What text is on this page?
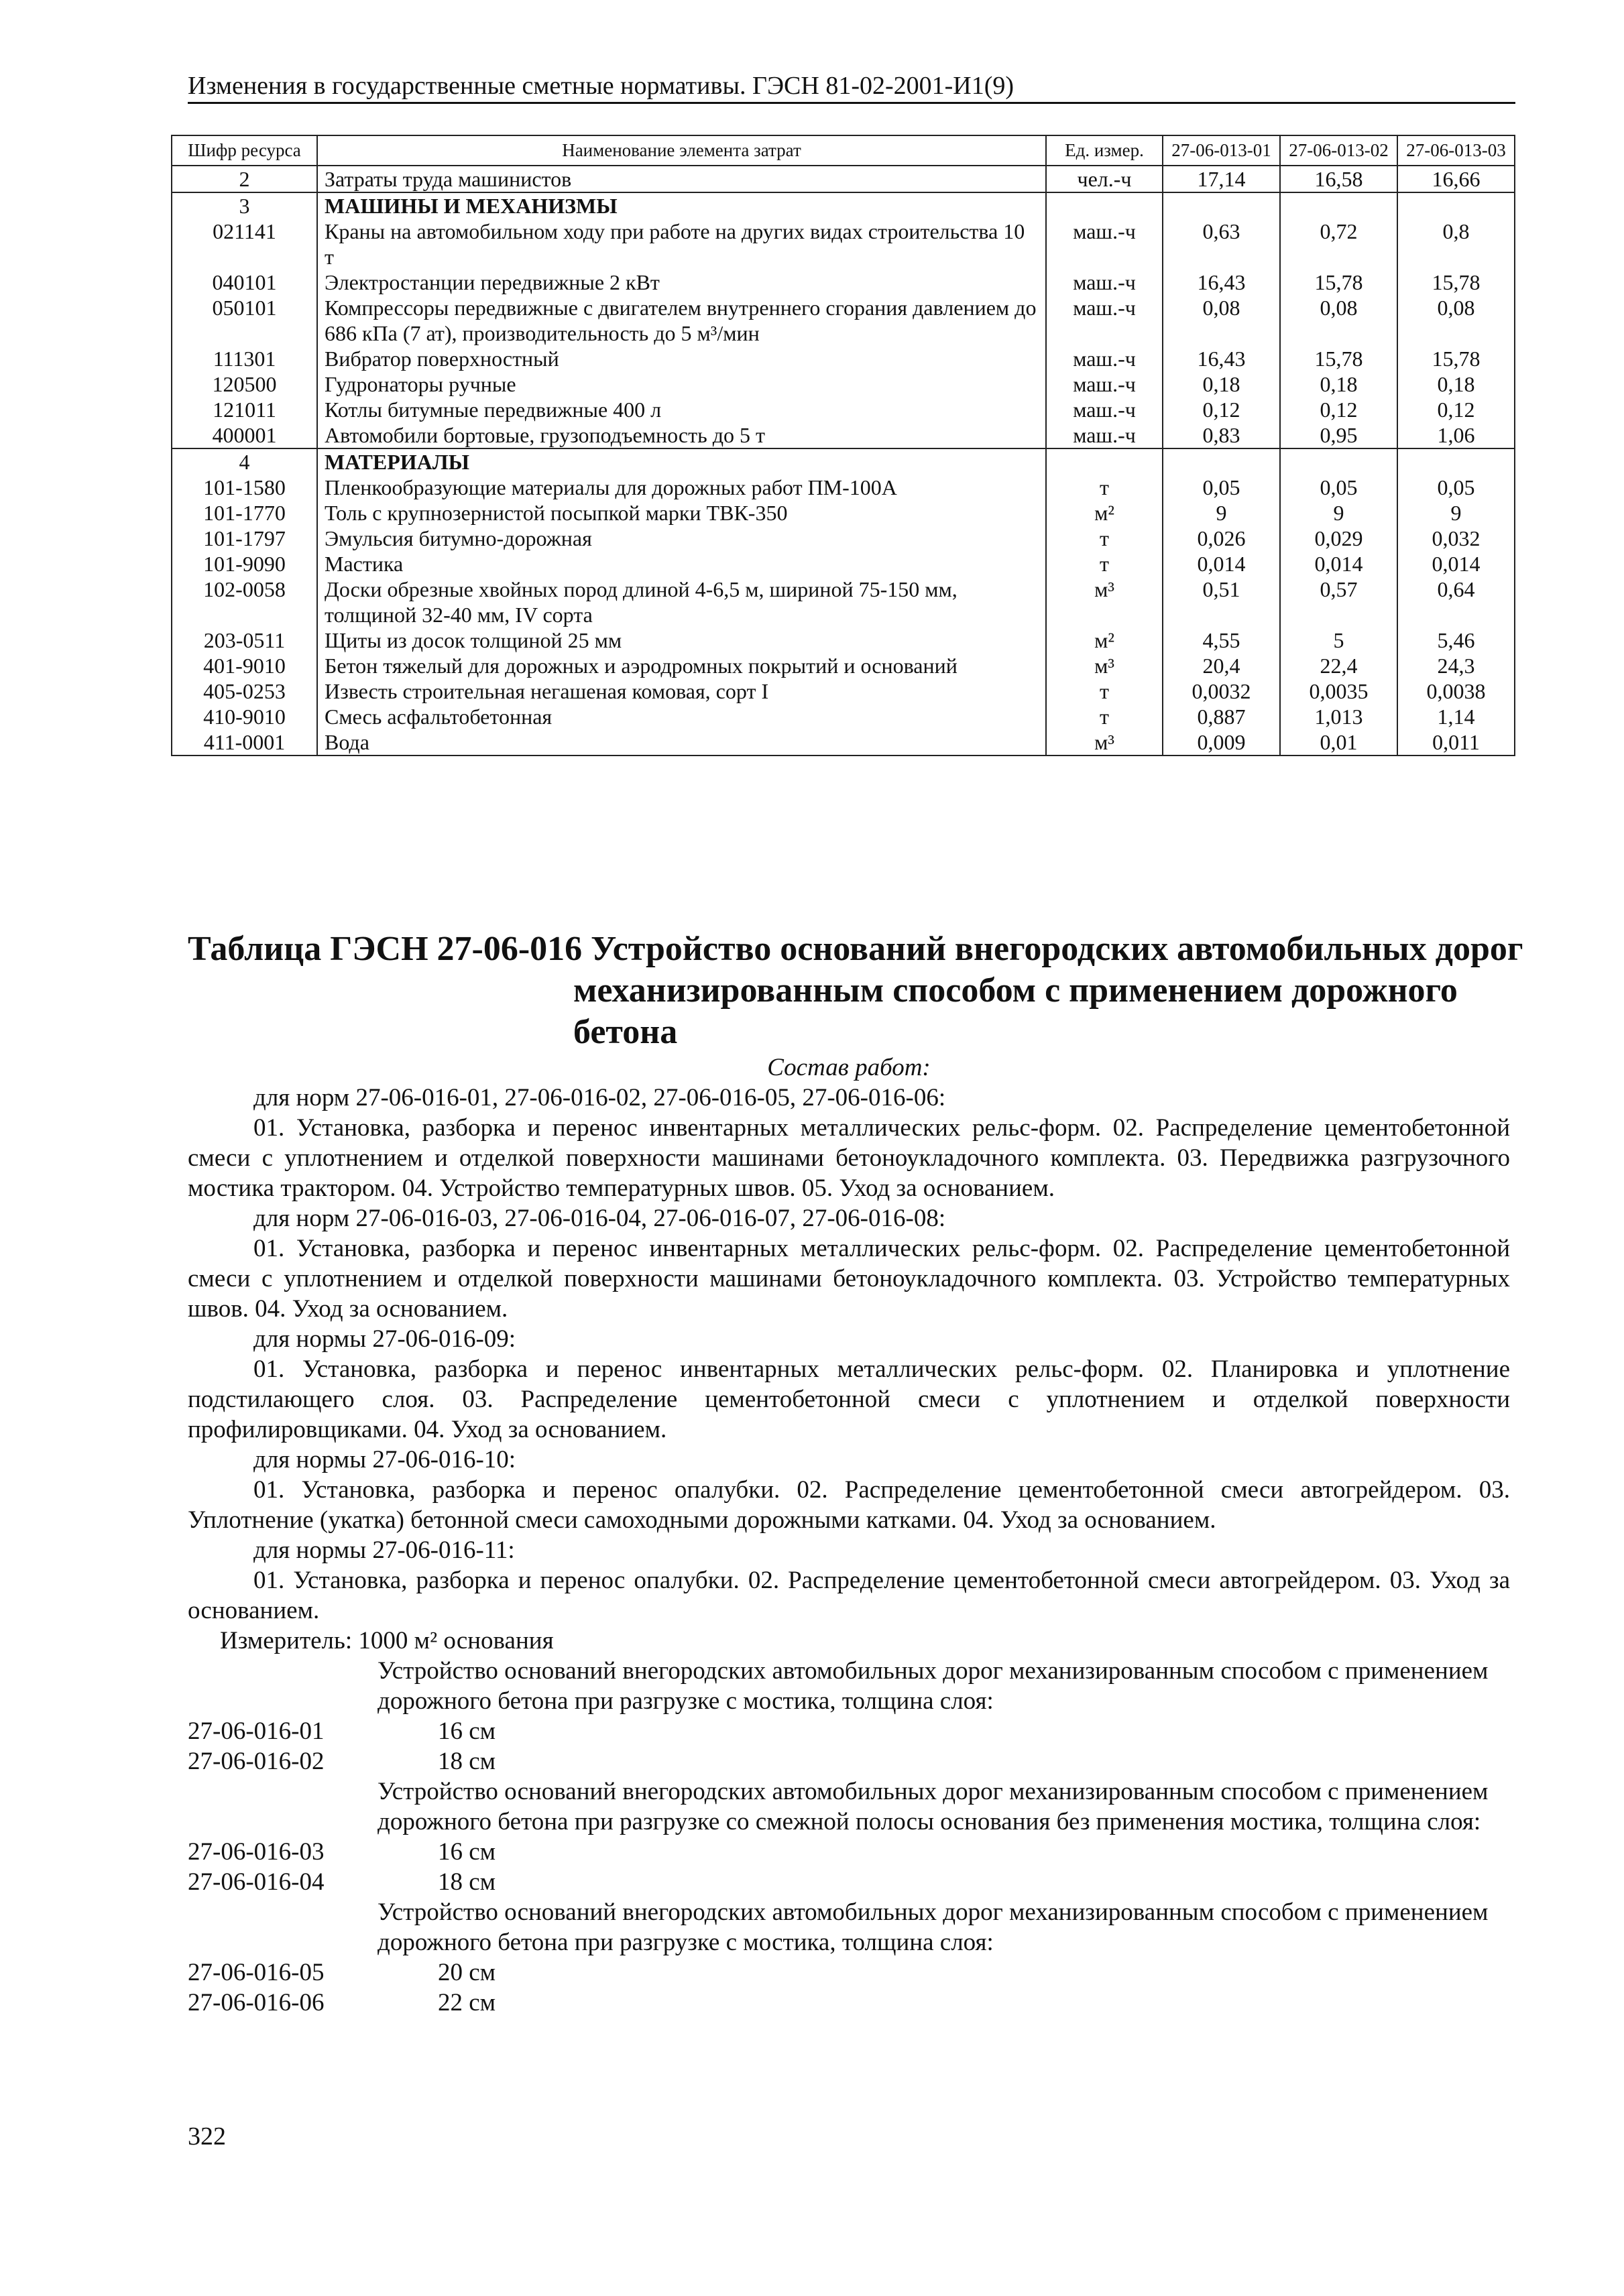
Изменения в государственные сметные нормативы. ГЭСН 81-02-2001-И1(9)
Шифр ресурса	Наименование элемента затрат	Ед. измер.	27-06-013-01	27-06-013-02	27-06-013-03
2	Затраты труда машинистов	чел.-ч	17,14	16,58	16,66
3	МАШИНЫ И МЕХАНИЗМЫ				
021141	Краны на автомобильном ходу при работе на других видах строительства 10 т	маш.-ч	0,63	0,72	0,8
040101	Электростанции передвижные 2 кВт	маш.-ч	16,43	15,78	15,78
050101	Компрессоры передвижные с двигателем внутреннего сгорания давлением до 686 кПа (7 ат), производительность до 5 м³/мин	маш.-ч	0,08	0,08	0,08
111301	Вибратор поверхностный	маш.-ч	16,43	15,78	15,78
120500	Гудронаторы ручные	маш.-ч	0,18	0,18	0,18
121011	Котлы битумные передвижные 400 л	маш.-ч	0,12	0,12	0,12
400001	Автомобили бортовые, грузоподъемность до 5 т	маш.-ч	0,83	0,95	1,06
4	МАТЕРИАЛЫ				
101-1580	Пленкообразующие материалы для дорожных работ ПМ-100А	т	0,05	0,05	0,05
101-1770	Толь с крупнозернистой посыпкой марки ТВК-350	м²	9	9	9
101-1797	Эмульсия битумно-дорожная	т	0,026	0,029	0,032
101-9090	Мастика	т	0,014	0,014	0,014
102-0058	Доски обрезные хвойных пород длиной 4-6,5 м, шириной 75-150 мм, толщиной 32-40 мм, IV сорта	м³	0,51	0,57	0,64
203-0511	Щиты из досок толщиной 25 мм	м²	4,55	5	5,46
401-9010	Бетон тяжелый для дорожных и аэродромных покрытий и оснований	м³	20,4	22,4	24,3
405-0253	Известь строительная негашеная комовая, сорт I	т	0,0032	0,0035	0,0038
410-9010	Смесь асфальтобетонная	т	0,887	1,013	1,14
411-0001	Вода	м³	0,009	0,01	0,011
Таблица ГЭСН 27-06-016 Устройство оснований внегородских автомобильных дорог
механизированным способом с применением дорожного бетона

Состав работ:

для норм 27-06-016-01, 27-06-016-02, 27-06-016-05, 27-06-016-06:

01. Установка, разборка и перенос инвентарных металлических рельс-форм. 02. Распределение цементобетонной смеси с уплотнением и отделкой поверхности машинами бетоноукладочного комплекта. 03. Передвижка разгрузочного мостика трактором. 04. Устройство температурных швов. 05. Уход за основанием.

для норм 27-06-016-03, 27-06-016-04, 27-06-016-07, 27-06-016-08:

01. Установка, разборка и перенос инвентарных металлических рельс-форм. 02. Распределение цементобетонной смеси с уплотнением и отделкой поверхности машинами бетоноукладочного комплекта. 03. Устройство температурных швов. 04. Уход за основанием.

для нормы 27-06-016-09:

01. Установка, разборка и перенос инвентарных металлических рельс-форм. 02. Планировка и уплотнение подстилающего слоя. 03. Распределение цементобетонной смеси с уплотнением и отделкой поверхности профилировщиками. 04. Уход за основанием.

для нормы 27-06-016-10:

01. Установка, разборка и перенос опалубки. 02. Распределение цементобетонной смеси автогрейдером. 03. Уплотнение (укатка) бетонной смеси самоходными дорожными катками. 04. Уход за основанием.

для нормы 27-06-016-11:

01. Установка, разборка и перенос опалубки. 02. Распределение цементобетонной смеси автогрейдером. 03. Уход за основанием.

Измеритель: 1000 м² основания

Устройство оснований внегородских автомобильных дорог механизированным способом с применением дорожного бетона при разгрузке с мостика, толщина слоя:

27-06-016-01	16 см
27-06-016-02	18 см

Устройство оснований внегородских автомобильных дорог механизированным способом с применением дорожного бетона при разгрузке со смежной полосы основания без применения мостика, толщина слоя:

27-06-016-03	16 см
27-06-016-04	18 см

Устройство оснований внегородских автомобильных дорог механизированным способом с применением дорожного бетона при разгрузке с мостика, толщина слоя:

27-06-016-05	20 см
27-06-016-06	22 см
322
